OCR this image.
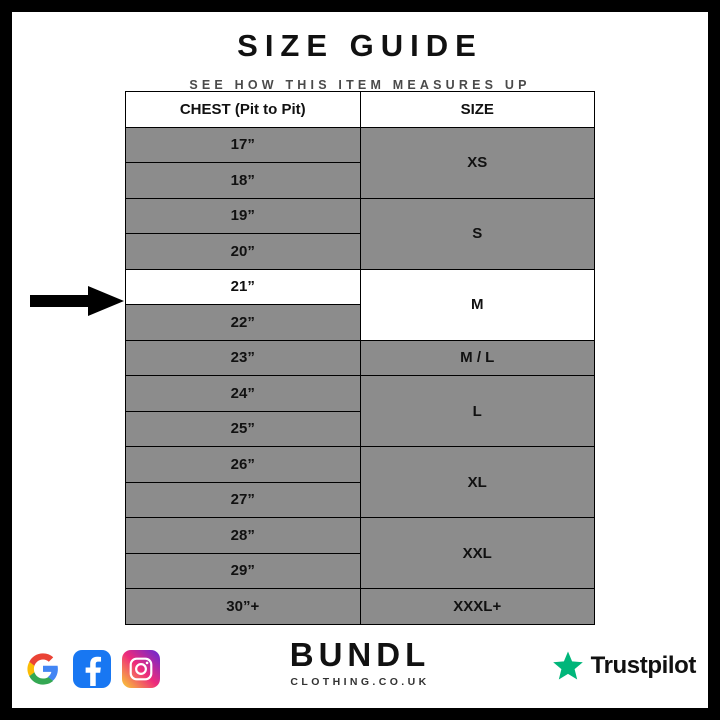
SIZE GUIDE
SEE HOW THIS ITEM MEASURES UP
CHEST (Pit to Pit)	SIZE
17”	XS
18”	
19”	S
20”	
21”	M
22”	
23”	M / L
24”	L
25”	
26”	XL
27”	
28”	XXL
29”	
30”+	XXXL+
BUNDL
CLOTHING.CO.UK
Trustpilot
